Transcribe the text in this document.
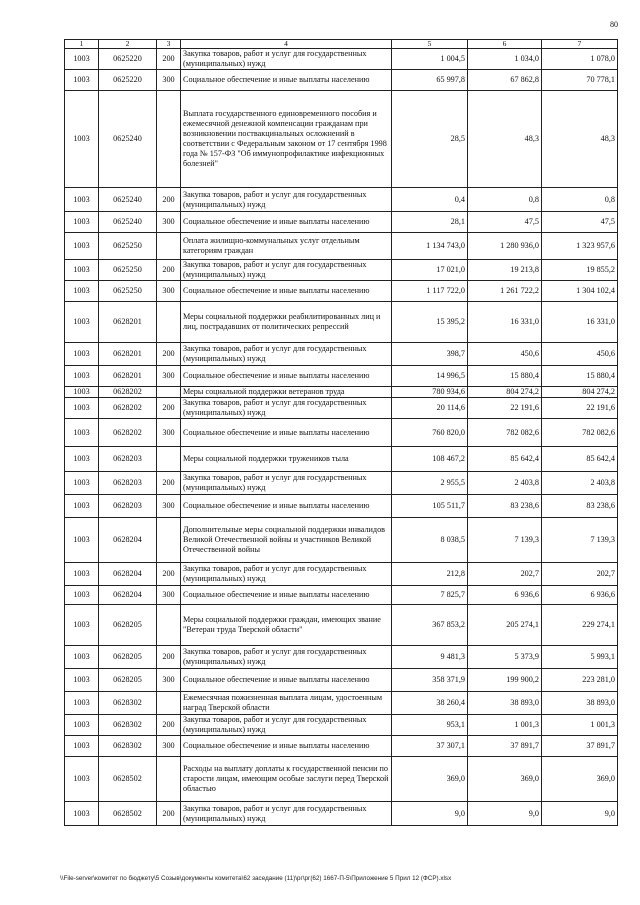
80
1	2	3	4	5	6	7
1003	0625220	200	Закупка товаров, работ и услуг для государственных (муниципальных) нужд	1 004,5	1 034,0	1 078,0
1003	0625220	300	Социальное обеспечение и иные выплаты населению	65 997,8	67 862,8	70 778,1
1003	0625240		Выплата государственного единовременного пособия и ежемесячной денежной компенсации гражданам при возникновении поствакцинальных осложнений в соответствии с Федеральным законом от 17 сентября 1998 года № 157-ФЗ "Об иммунопрофилактике инфекционных болезней"	28,5	48,3	48,3
1003	0625240	200	Закупка товаров, работ и услуг для государственных (муниципальных) нужд	0,4	0,8	0,8
1003	0625240	300	Социальное обеспечение и иные выплаты населению	28,1	47,5	47,5
1003	0625250		Оплата жилищно-коммунальных услуг отдельным категориям граждан	1 134 743,0	1 280 936,0	1 323 957,6
1003	0625250	200	Закупка товаров, работ и услуг для государственных (муниципальных) нужд	17 021,0	19 213,8	19 855,2
1003	0625250	300	Социальное обеспечение и иные выплаты населению	1 117 722,0	1 261 722,2	1 304 102,4
1003	0628201		Меры социальной поддержки реабилитированных лиц и лиц, пострадавших от политических репрессий	15 395,2	16 331,0	16 331,0
1003	0628201	200	Закупка товаров, работ и услуг для государственных (муниципальных) нужд	398,7	450,6	450,6
1003	0628201	300	Социальное обеспечение и иные выплаты населению	14 996,5	15 880,4	15 880,4
1003	0628202		Меры социальной поддержки ветеранов труда	780 934,6	804 274,2	804 274,2
1003	0628202	200	Закупка товаров, работ и услуг для государственных (муниципальных) нужд	20 114,6	22 191,6	22 191,6
1003	0628202	300	Социальное обеспечение и иные выплаты населению	760 820,0	782 082,6	782 082,6
1003	0628203		Меры социальной поддержки тружеников тыла	108 467,2	85 642,4	85 642,4
1003	0628203	200	Закупка товаров, работ и услуг для государственных (муниципальных) нужд	2 955,5	2 403,8	2 403,8
1003	0628203	300	Социальное обеспечение и иные выплаты населению	105 511,7	83 238,6	83 238,6
1003	0628204		Дополнительные меры социальной поддержки инвалидов Великой Отечественной войны и участников Великой Отечественной войны	8 038,5	7 139,3	7 139,3
1003	0628204	200	Закупка товаров, работ и услуг для государственных (муниципальных) нужд	212,8	202,7	202,7
1003	0628204	300	Социальное обеспечение и иные выплаты населению	7 825,7	6 936,6	6 936,6
1003	0628205		Меры социальной поддержки граждан, имеющих звание "Ветеран труда Тверской области"	367 853,2	205 274,1	229 274,1
1003	0628205	200	Закупка товаров, работ и услуг для государственных (муниципальных) нужд	9 481,3	5 373,9	5 993,1
1003	0628205	300	Социальное обеспечение и иные выплаты населению	358 371,9	199 900,2	223 281,0
1003	0628302		Ежемесячная пожизненная выплата лицам, удостоенным наград Тверской области	38 260,4	38 893,0	38 893,0
1003	0628302	200	Закупка товаров, работ и услуг для государственных (муниципальных) нужд	953,1	1 001,3	1 001,3
1003	0628302	300	Социальное обеспечение и иные выплаты населению	37 307,1	37 891,7	37 891,7
1003	0628502		Расходы на выплату доплаты к государственной пенсии по старости лицам, имеющим особые заслуги перед Тверской областью	369,0	369,0	369,0
1003	0628502	200	Закупка товаров, работ и услуг для государственных (муниципальных) нужд	9,0	9,0	9,0
\\File-server\комитет по бюджету\5 Созыв\документы комитета\62 заседание (11)\рг\рг(62) 1667-П-5\Приложение 5 Прил 12 (ФСР).xlsx
